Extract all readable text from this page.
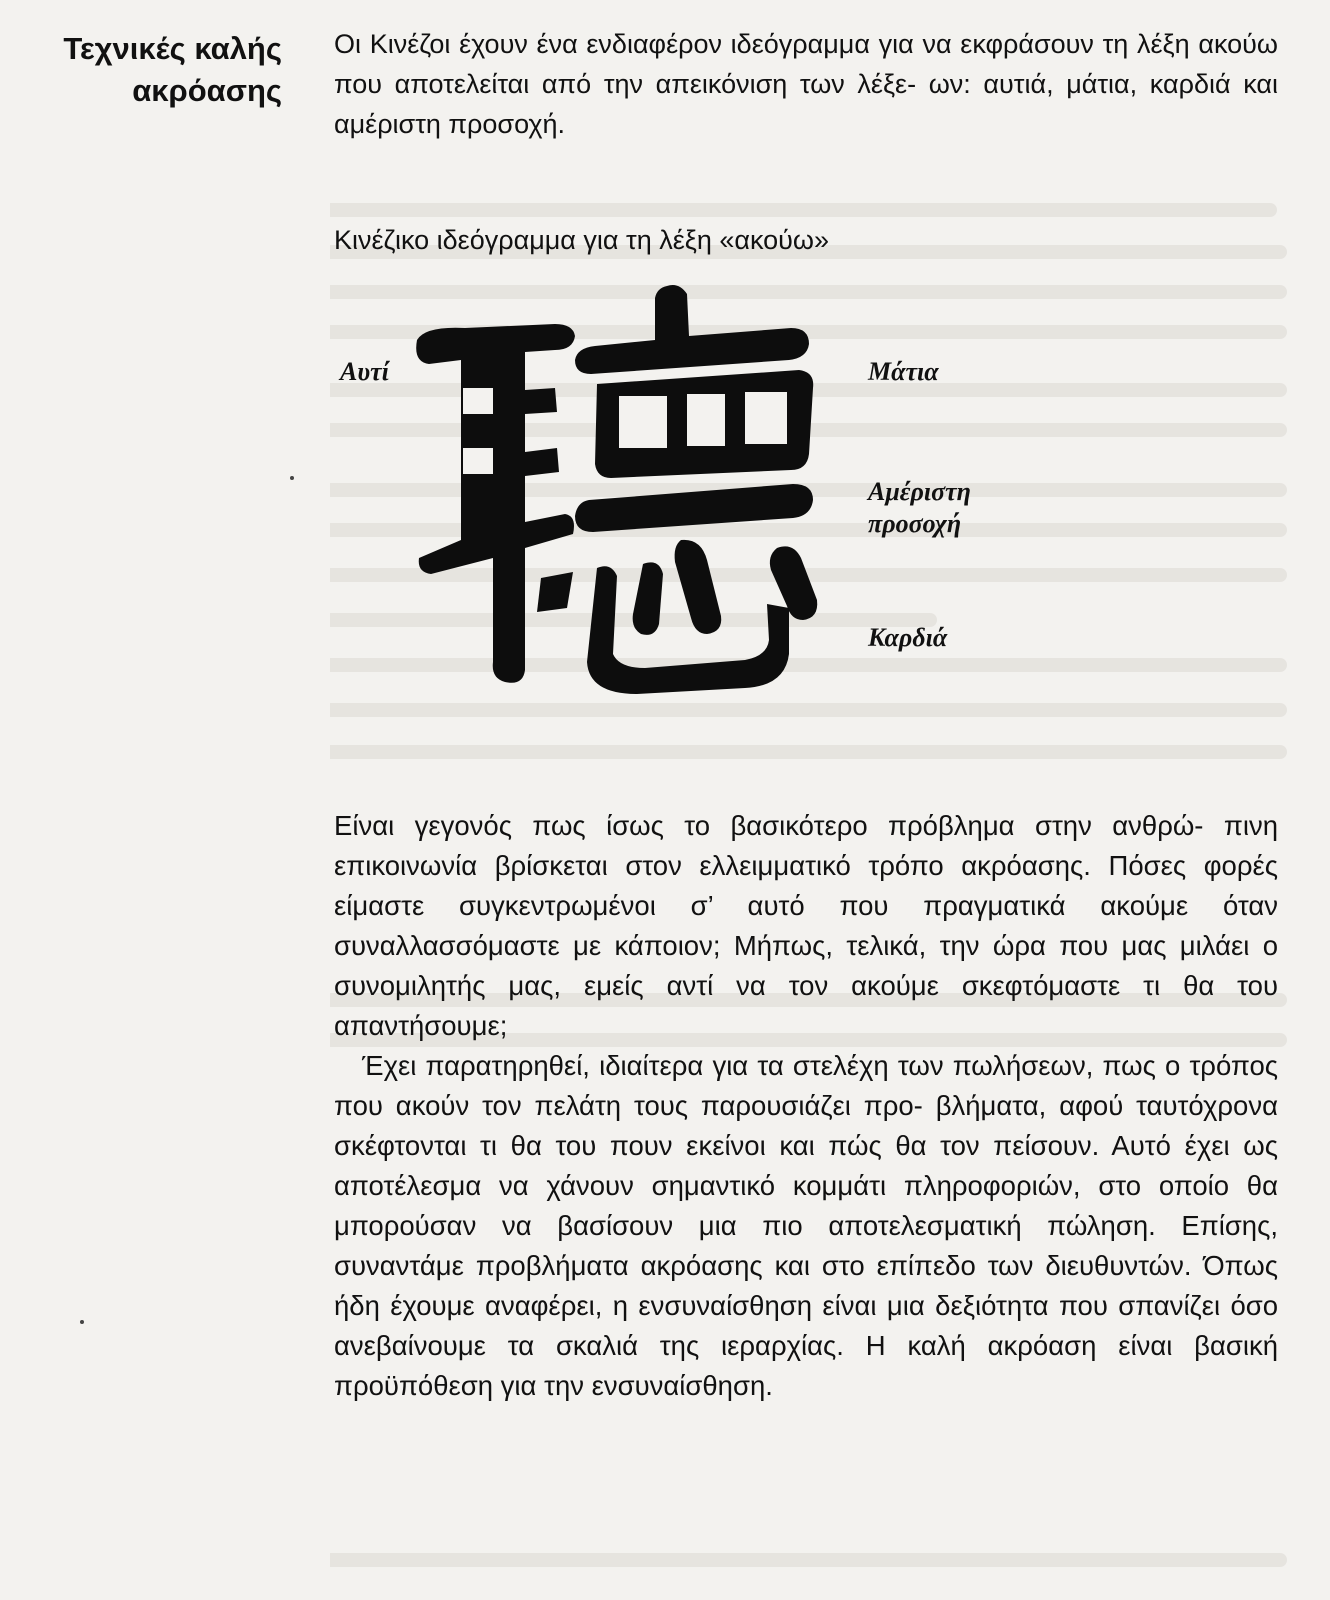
Τεχνικές καλής
ακρόασης

Οι Κινέζοι έχουν ένα ενδιαφέρον ιδεόγραμμα για να εκφράσουν τη λέξη ακούω που αποτελείται από την απεικόνιση των λέξε- ων: αυτιά, μάτια, καρδιά και αμέριστη προσοχή.

Κινέζικο ιδεόγραμμα για τη λέξη «ακούω»
Αυτί	Μάτια
Αμέριστη
προσοχή
Καρδιά

Είναι γεγονός πως ίσως το βασικότερο πρόβλημα στην ανθρώ- πινη επικοινωνία βρίσκεται στον ελλειμματικό τρόπο ακρόασης. Πόσες φορές είμαστε συγκεντρωμένοι σ’ αυτό που πραγματικά ακούμε όταν συναλλασσόμαστε με κάποιον; Μήπως, τελικά, την ώρα που μας μιλάει ο συνομιλητής μας, εμείς αντί να τον ακούμε σκεφτόμαστε τι θα του απαντήσουμε;

Έχει παρατηρηθεί, ιδιαίτερα για τα στελέχη των πωλήσεων, πως ο τρόπος που ακούν τον πελάτη τους παρουσιάζει προ- βλήματα, αφού ταυτόχρονα σκέφτονται τι θα του πουν εκείνοι και πώς θα τον πείσουν. Αυτό έχει ως αποτέλεσμα να χάνουν σημαντικό κομμάτι πληροφοριών, στο οποίο θα μπορούσαν να βασίσουν μια πιο αποτελεσματική πώληση. Επίσης, συναντάμε προβλήματα ακρόασης και στο επίπεδο των διευθυντών. Όπως ήδη έχουμε αναφέρει, η ενσυναίσθηση είναι μια δεξιότητα που σπανίζει όσο ανεβαίνουμε τα σκαλιά της ιεραρχίας. Η καλή ακρόαση είναι βασική προϋπόθεση για την ενσυναίσθηση.
